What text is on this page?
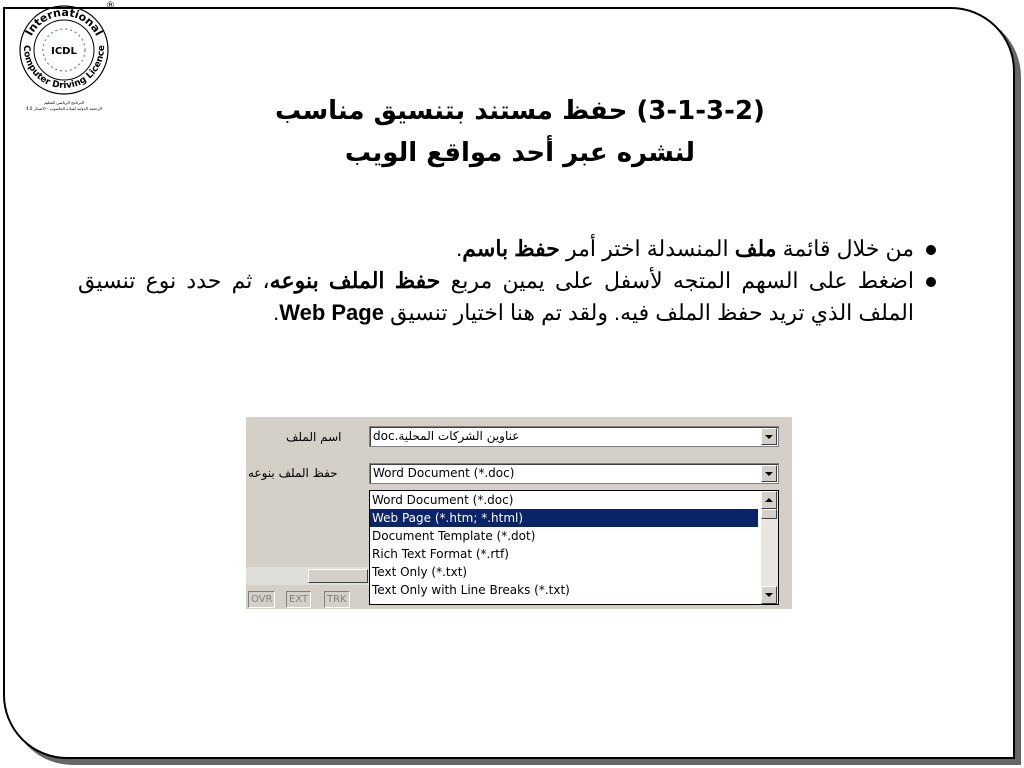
International
Computer Driving Licence
ICDL
®
البرنامج الرياضي للتعليم
الرخصة الدولية لقيادة الحاسوب - الاصدار 4.0	(3-1-3-2) حفظ مستند بتنسيق مناسب
لنشره عبر أحد مواقع الويب
من خلال قائمة ملف المنسدلة اختر أمر حفظ باسم.
اضغط على السهم المتجه لأسفل على يمين مربع حفظ الملف بنوعه، ثم حدد نوع تنسيق الملف الذي تريد حفظ الملف فيه. ولقد تم هنا اختيار تنسيق Web Page.
اسم الملف	عناوين الشركات المحلية.doc
حفظ الملف بنوعه	Word Document (*.doc)
Word Document (*.doc)
Web Page (*.htm; *.html)
Document Template (*.dot)
Rich Text Format (*.rtf)
Text Only (*.txt)
Text Only with Line Breaks (*.txt)
OVR	EXT	TRK
